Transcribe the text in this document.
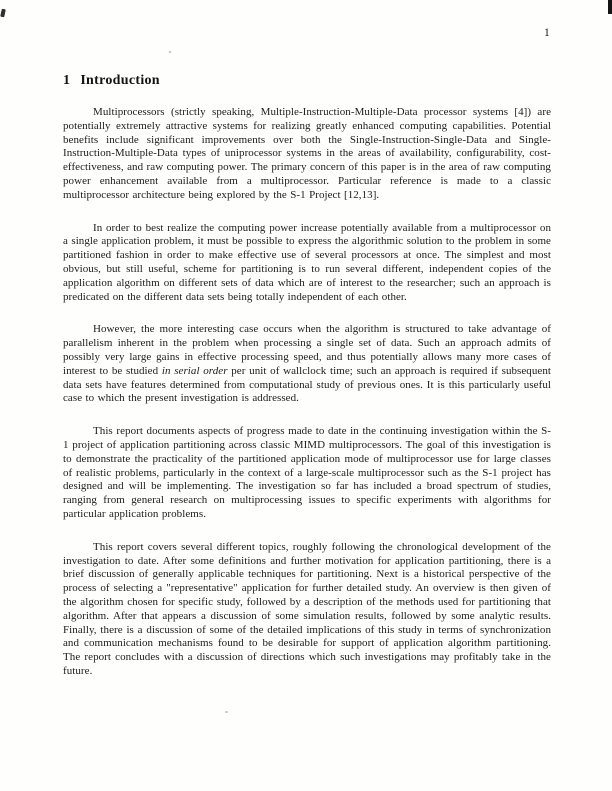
1
1 Introduction

Multiprocessors (strictly speaking, Multiple-Instruction-Multiple-Data processor systems [4]) are potentially extremely attractive systems for realizing greatly enhanced computing capabilities. Potential benefits include significant improvements over both the Single-Instruction-Single-Data and Single-Instruction-Multiple-Data types of uniprocessor systems in the areas of availability, configurability, cost-effectiveness, and raw computing power. The primary concern of this paper is in the area of raw computing power enhancement available from a multiprocessor. Particular reference is made to a classic multiprocessor architecture being explored by the S-1 Project [12,13].

In order to best realize the computing power increase potentially available from a multiprocessor on a single application problem, it must be possible to express the algorithmic solution to the problem in some partitioned fashion in order to make effective use of several processors at once. The simplest and most obvious, but still useful, scheme for partitioning is to run several different, independent copies of the application algorithm on different sets of data which are of interest to the researcher; such an approach is predicated on the different data sets being totally independent of each other.

However, the more interesting case occurs when the algorithm is structured to take advantage of parallelism inherent in the problem when processing a single set of data. Such an approach admits of possibly very large gains in effective processing speed, and thus potentially allows many more cases of interest to be studied in serial order per unit of wallclock time; such an approach is required if subsequent data sets have features determined from computational study of previous ones. It is this particularly useful case to which the present investigation is addressed.

This report documents aspects of progress made to date in the continuing investigation within the S-1 project of application partitioning across classic MIMD multiprocessors. The goal of this investigation is to demonstrate the practicality of the partitioned application mode of multiprocessor use for large classes of realistic problems, particularly in the context of a large-scale multiprocessor such as the S-1 project has designed and will be implementing. The investigation so far has included a broad spectrum of studies, ranging from general research on multiprocessing issues to specific experiments with algorithms for particular application problems.

This report covers several different topics, roughly following the chronological development of the investigation to date. After some definitions and further motivation for application partitioning, there is a brief discussion of generally applicable techniques for partitioning. Next is a historical perspective of the process of selecting a "representative" application for further detailed study. An overview is then given of the algorithm chosen for specific study, followed by a description of the methods used for partitioning that algorithm. After that appears a discussion of some simulation results, followed by some analytic results. Finally, there is a discussion of some of the detailed implications of this study in terms of synchronization and communication mechanisms found to be desirable for support of application algorithm partitioning. The report concludes with a discussion of directions which such investigations may profitably take in the future.
